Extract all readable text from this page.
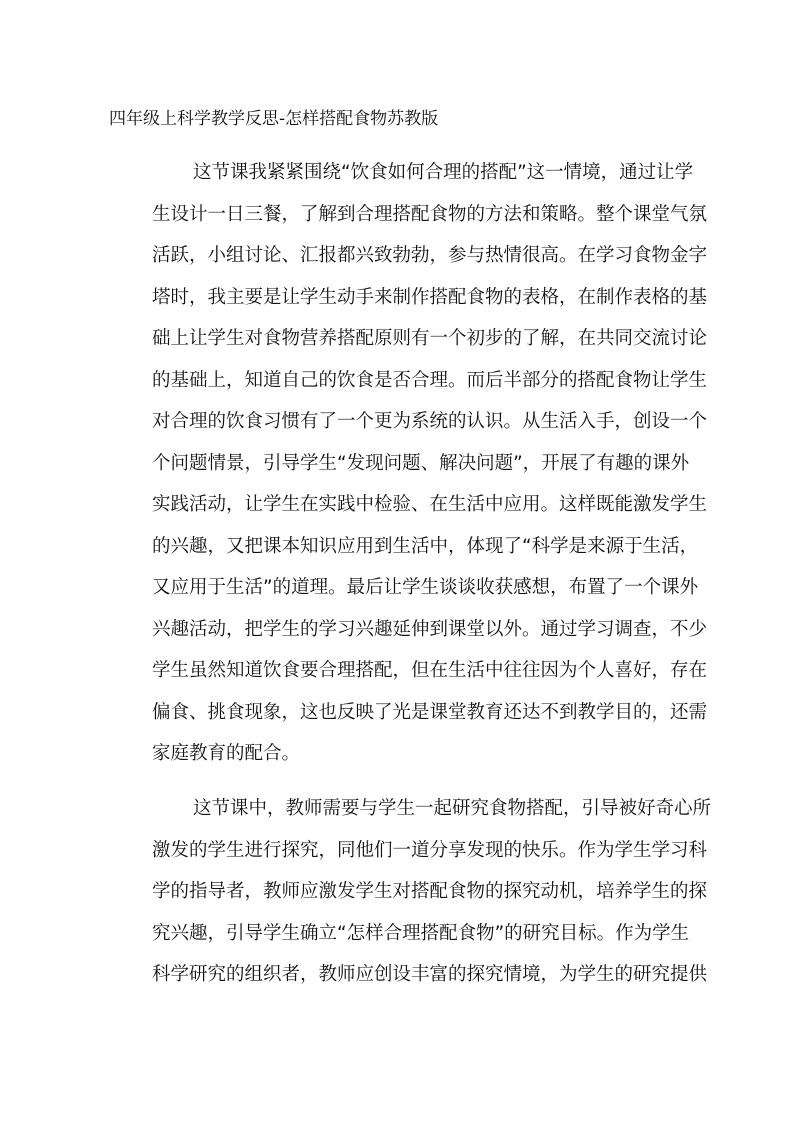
四年级上科学教学反思-怎样搭配食物苏教版
这节课我紧紧围绕“饮食如何合理的搭配”这一情境，通过让学
生设计一日三餐，了解到合理搭配食物的方法和策略。整个课堂气氛
活跃，小组讨论、汇报都兴致勃勃，参与热情很高。在学习食物金字
塔时，我主要是让学生动手来制作搭配食物的表格，在制作表格的基
础上让学生对食物营养搭配原则有一个初步的了解，在共同交流讨论
的基础上，知道自己的饮食是否合理。而后半部分的搭配食物让学生
对合理的饮食习惯有了一个更为系统的认识。从生活入手，创设一个
个问题情景，引导学生“发现问题、解决问题”，开展了有趣的课外
实践活动，让学生在实践中检验、在生活中应用。这样既能激发学生
的兴趣，又把课本知识应用到生活中，体现了“科学是来源于生活，
又应用于生活”的道理。最后让学生谈谈收获感想，布置了一个课外
兴趣活动，把学生的学习兴趣延伸到课堂以外。通过学习调查，不少
学生虽然知道饮食要合理搭配，但在生活中往往因为个人喜好，存在
偏食、挑食现象，这也反映了光是课堂教育还达不到教学目的，还需
家庭教育的配合。
这节课中，教师需要与学生一起研究食物搭配，引导被好奇心所
激发的学生进行探究，同他们一道分享发现的快乐。作为学生学习科
学的指导者，教师应激发学生对搭配食物的探究动机，培养学生的探
究兴趣，引导学生确立“怎样合理搭配食物”的研究目标。作为学生
科学研究的组织者，教师应创设丰富的探究情境，为学生的研究提供
